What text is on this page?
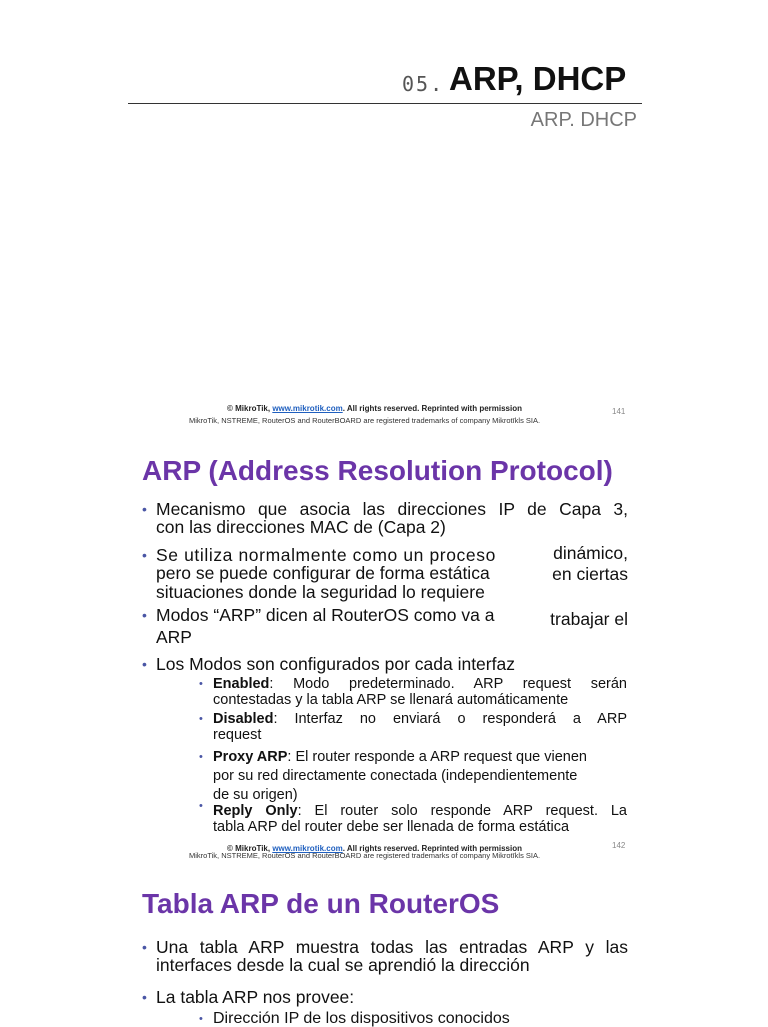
05. ARP, DHCP
ARP. DHCP
© MikroTik, www.mikrotik.com. All rights reserved. Reprinted with permission
MikroTik, NSTREME, RouterOS and RouterBOARD are registered trademarks of company Mikrotīkls SIA.
141
ARP (Address Resolution Protocol)
• Mecanismo que asocia las direcciones IP de Capa 3,
con las direcciones MAC de (Capa 2)
• Se utiliza normalmente como un proceso	dinámico,
pero se puede configurar de forma estática	en ciertas
situaciones donde la seguridad lo requiere
• Modos “ARP” dicen al RouterOS como va a	trabajar el
ARP
• Los Modos son configurados por cada interfaz
• Enabled: Modo predeterminado. ARP request serán
contestadas y la tabla ARP se llenará automáticamente
• Disabled: Interfaz no enviará o responderá a ARP
request
• Proxy ARP: El router responde a ARP request que vienen
por su red directamente conectada (independientemente
de su origen)
• Reply Only: El router solo responde ARP request. La
tabla ARP del router debe ser llenada de forma estática
© MikroTik, www.mikrotik.com. All rights reserved. Reprinted with permission
MikroTik, NSTREME, RouterOS and RouterBOARD are registered trademarks of company Mikrotīkls SIA.
142
Tabla ARP de un RouterOS
• Una tabla ARP muestra todas las entradas ARP y las
interfaces desde la cual se aprendió la dirección
• La tabla ARP nos provee:
• Dirección IP de los dispositivos conocidos
